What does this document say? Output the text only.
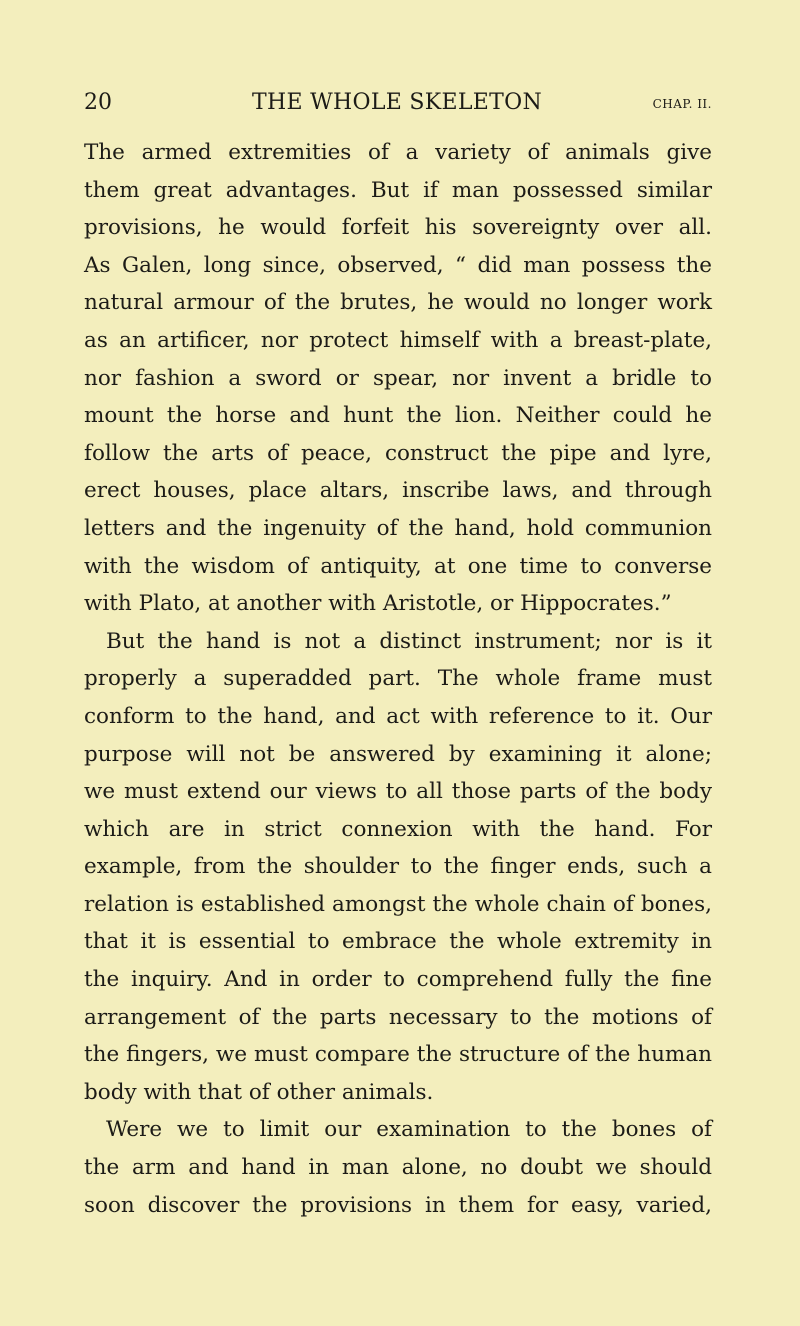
20	THE WHOLE SKELETON	CHAP. II.
The armed extremities of a variety of animals give
them great advantages. But if man possessed similar
provisions, he would forfeit his sovereignty over all.
As Galen, long since, observed, “ did man possess the
natural armour of the brutes, he would no longer work
as an artificer, nor protect himself with a breast-plate,
nor fashion a sword or spear, nor invent a bridle to
mount the horse and hunt the lion. Neither could he
follow the arts of peace, construct the pipe and lyre,
erect houses, place altars, inscribe laws, and through
letters and the ingenuity of the hand, hold communion
with the wisdom of antiquity, at one time to converse
with Plato, at another with Aristotle, or Hippocrates.”
But the hand is not a distinct instrument; nor is it
properly a superadded part. The whole frame must
conform to the hand, and act with reference to it. Our
purpose will not be answered by examining it alone;
we must extend our views to all those parts of the body
which are in strict connexion with the hand. For
example, from the shoulder to the finger ends, such a
relation is established amongst the whole chain of bones,
that it is essential to embrace the whole extremity in
the inquiry. And in order to comprehend fully the fine
arrangement of the parts necessary to the motions of
the fingers, we must compare the structure of the human
body with that of other animals.
Were we to limit our examination to the bones of
the arm and hand in man alone, no doubt we should
soon discover the provisions in them for easy, varied,
